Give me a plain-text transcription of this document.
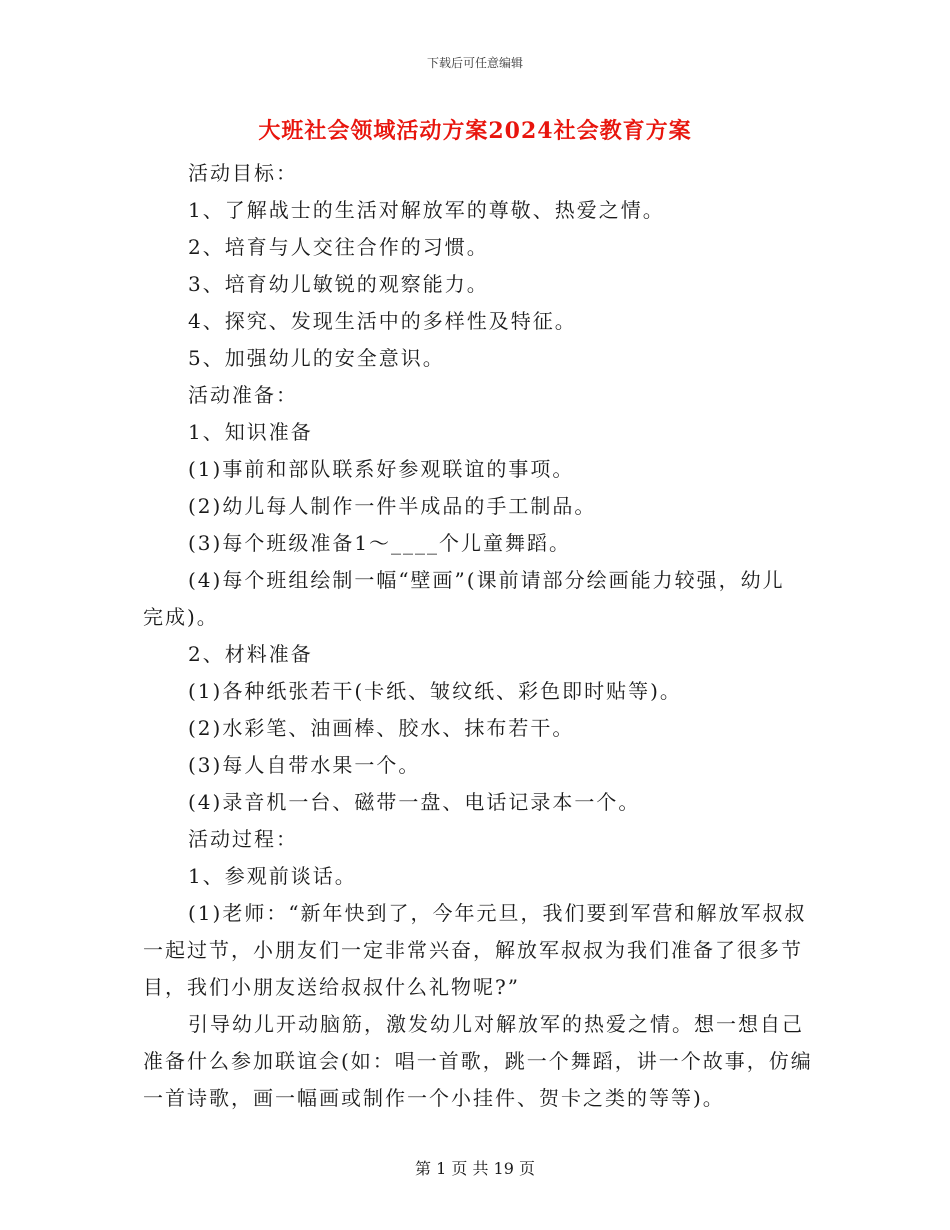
下载后可任意编辑
大班社会领域活动方案2024社会教育方案
活动目标：
1、了解战士的生活对解放军的尊敬、热爱之情。
2、培育与人交往合作的习惯。
3、培育幼儿敏锐的观察能力。
4、探究、发现生活中的多样性及特征。
5、加强幼儿的安全意识。
活动准备：
1、知识准备
(1)事前和部队联系好参观联谊的事项。
(2)幼儿每人制作一件半成品的手工制品。
(3)每个班级准备1～____个儿童舞蹈。
(4)每个班组绘制一幅“壁画”(课前请部分绘画能力较强，幼儿
完成)。
2、材料准备
(1)各种纸张若干(卡纸、皱纹纸、彩色即时贴等)。
(2)水彩笔、油画棒、胶水、抹布若干。
(3)每人自带水果一个。
(4)录音机一台、磁带一盘、电话记录本一个。
活动过程：
1、参观前谈话。
(1)老师：“新年快到了，今年元旦，我们要到军营和解放军叔叔
一起过节，小朋友们一定非常兴奋，解放军叔叔为我们准备了很多节
目，我们小朋友送给叔叔什么礼物呢?”
引导幼儿开动脑筋，激发幼儿对解放军的热爱之情。想一想自己
准备什么参加联谊会(如：唱一首歌，跳一个舞蹈，讲一个故事，仿编
一首诗歌，画一幅画或制作一个小挂件、贺卡之类的等等)。
第 1 页 共 19 页
